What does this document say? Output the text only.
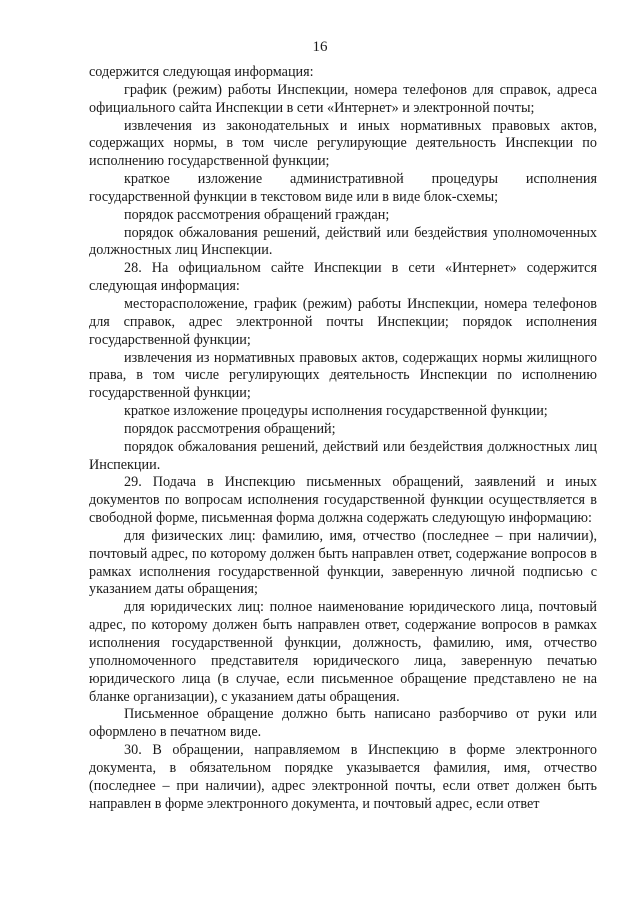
16

содержится следующая информация:

график (режим) работы Инспекции, номера телефонов для справок, адреса официального сайта Инспекции в сети «Интернет» и электронной почты;

извлечения из законодательных и иных нормативных правовых актов, содержащих нормы, в том числе регулирующие деятельность Инспекции по исполнению государственной функции;

краткое изложение административной процедуры исполнения государственной функции в текстовом виде или в виде блок-схемы;

порядок рассмотрения обращений граждан;

порядок обжалования решений, действий или бездействия уполномоченных должностных лиц Инспекции.

28. На официальном сайте Инспекции в сети «Интернет» содержится следующая информация:

месторасположение, график (режим) работы Инспекции, номера телефонов для справок, адрес электронной почты Инспекции; порядок исполнения государственной функции;

извлечения из нормативных правовых актов, содержащих нормы жилищного права, в том числе регулирующих деятельность Инспекции по исполнению государственной функции;

краткое изложение процедуры исполнения государственной функции;

порядок рассмотрения обращений;

порядок обжалования решений, действий или бездействия должностных лиц Инспекции.

29. Подача в Инспекцию письменных обращений, заявлений и иных документов по вопросам исполнения государственной функции осуществляется в свободной форме, письменная форма должна содержать следующую информацию:

для физических лиц: фамилию, имя, отчество (последнее – при наличии), почтовый адрес, по которому должен быть направлен ответ, содержание вопросов в рамках исполнения государственной функции, заверенную личной подписью с указанием даты обращения;

для юридических лиц: полное наименование юридического лица, почтовый адрес, по которому должен быть направлен ответ, содержание вопросов в рамках исполнения государственной функции, должность, фамилию, имя, отчество уполномоченного представителя юридического лица, заверенную печатью юридического лица (в случае, если письменное обращение представлено не на бланке организации), с указанием даты обращения.

Письменное обращение должно быть написано разборчиво от руки или оформлено в печатном виде.

30. В обращении, направляемом в Инспекцию в форме электронного документа, в обязательном порядке указывается фамилия, имя, отчество (последнее – при наличии), адрес электронной почты, если ответ должен быть направлен в форме электронного документа, и почтовый адрес, если ответ
